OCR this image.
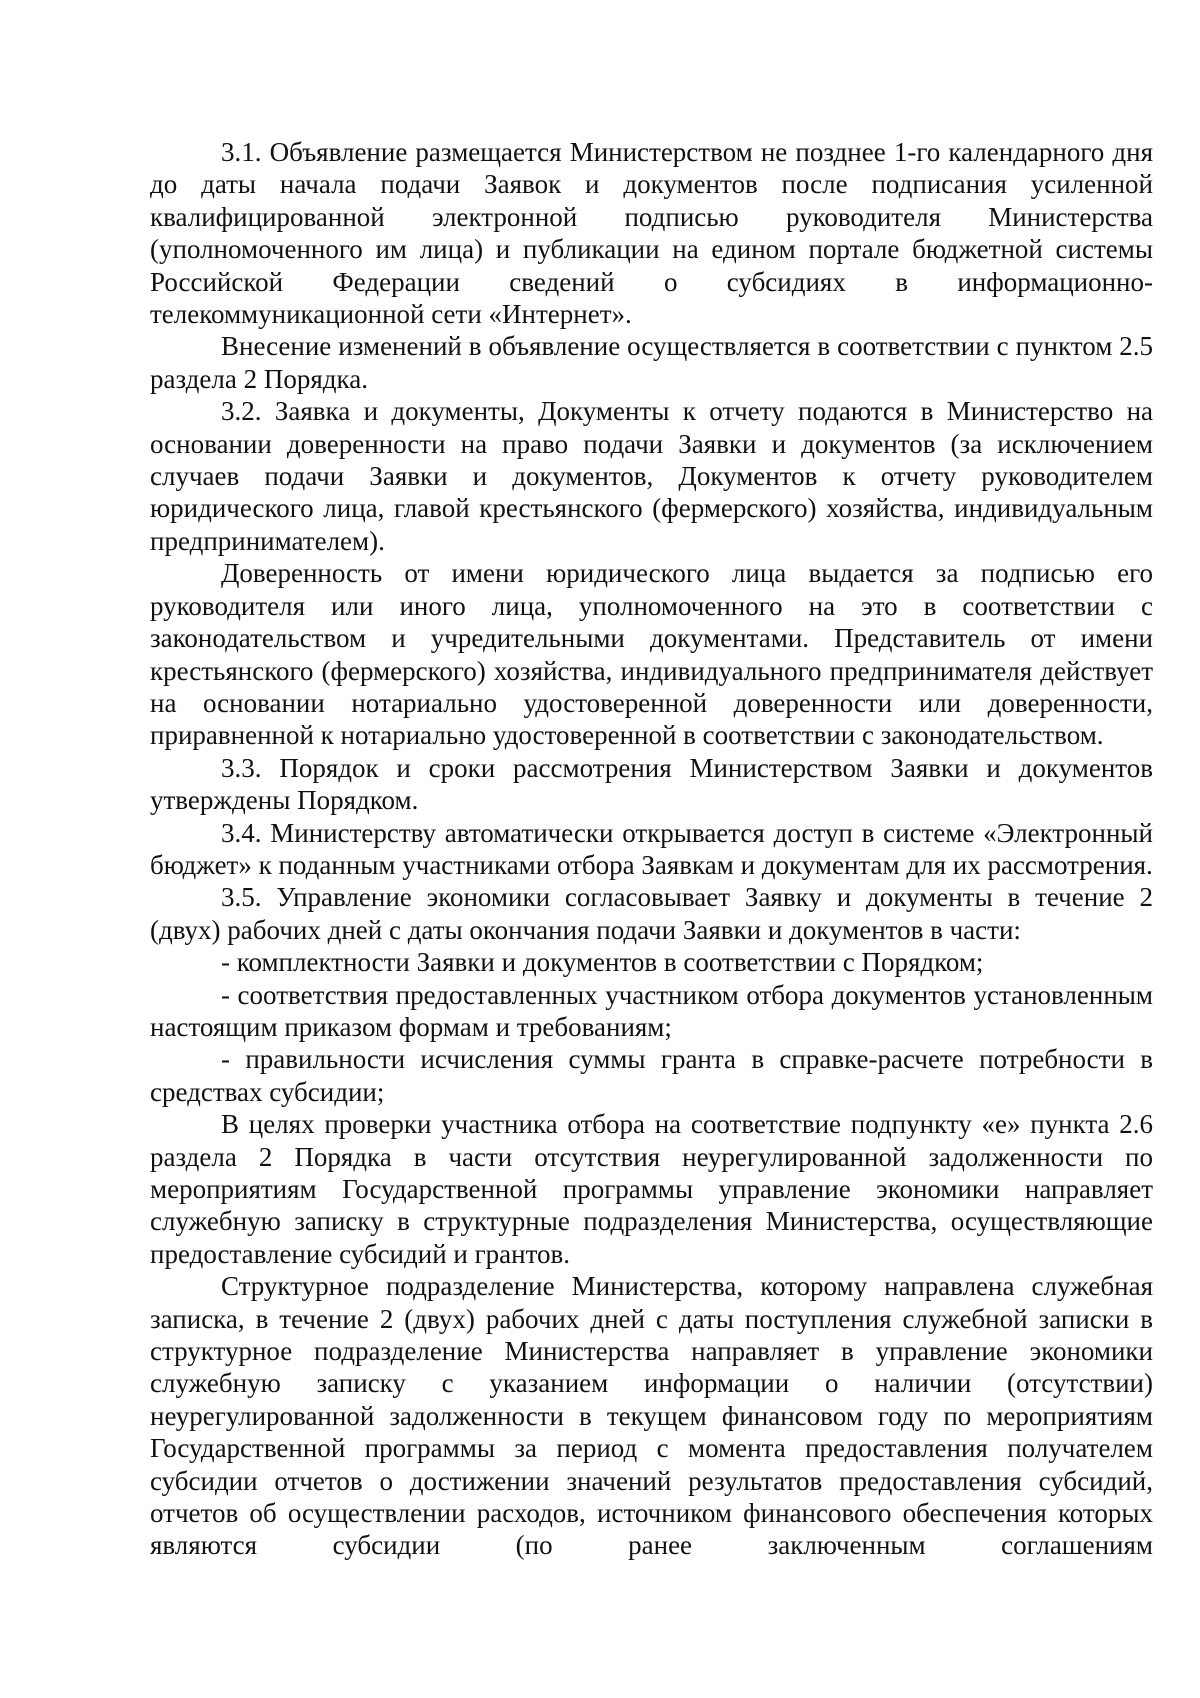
3.1. Объявление размещается Министерством не позднее 1-го календарного дня до даты начала подачи Заявок и документов после подписания усиленной квалифицированной электронной подписью руководителя Министерства (уполномоченного им лица) и публикации на едином портале бюджетной системы Российской Федерации сведений о субсидиях в информационно-телекоммуникационной сети «Интернет».

Внесение изменений в объявление осуществляется в соответствии с пунктом 2.5 раздела 2 Порядка.

3.2. Заявка и документы, Документы к отчету подаются в Министерство на основании доверенности на право подачи Заявки и документов (за исключением случаев подачи Заявки и документов, Документов к отчету руководителем юридического лица, главой крестьянского (фермерского) хозяйства, индивидуальным предпринимателем).

Доверенность от имени юридического лица выдается за подписью его руководителя или иного лица, уполномоченного на это в соответствии с законодательством и учредительными документами. Представитель от имени крестьянского (фермерского) хозяйства, индивидуального предпринимателя действует на основании нотариально удостоверенной доверенности или доверенности, приравненной к нотариально удостоверенной в соответствии с законодательством.

3.3. Порядок и сроки рассмотрения Министерством Заявки и документов утверждены Порядком.

3.4. Министерству автоматически открывается доступ в системе «Электронный бюджет» к поданным участниками отбора Заявкам и документам для их рассмотрения.

3.5. Управление экономики согласовывает Заявку и документы в течение 2 (двух) рабочих дней с даты окончания подачи Заявки и документов в части:

- комплектности Заявки и документов в соответствии с Порядком;

- соответствия предоставленных участником отбора документов установленным настоящим приказом формам и требованиям;

- правильности исчисления суммы гранта в справке-расчете потребности в средствах субсидии;

В целях проверки участника отбора на соответствие подпункту «е» пункта 2.6 раздела 2 Порядка в части отсутствия неурегулированной задолженности по мероприятиям Государственной программы управление экономики направляет служебную записку в структурные подразделения Министерства, осуществляющие предоставление субсидий и грантов.

Структурное подразделение Министерства, которому направлена служебная записка, в течение 2 (двух) рабочих дней с даты поступления служебной записки в структурное подразделение Министерства направляет в управление экономики служебную записку с указанием информации о наличии (отсутствии) неурегулированной задолженности в текущем финансовом году по мероприятиям Государственной программы за период с момента предоставления получателем субсидии отчетов о достижении значений результатов предоставления субсидий, отчетов об осуществлении расходов, источником финансового обеспечения которых являются субсидии (по ранее заключенным соглашениям
